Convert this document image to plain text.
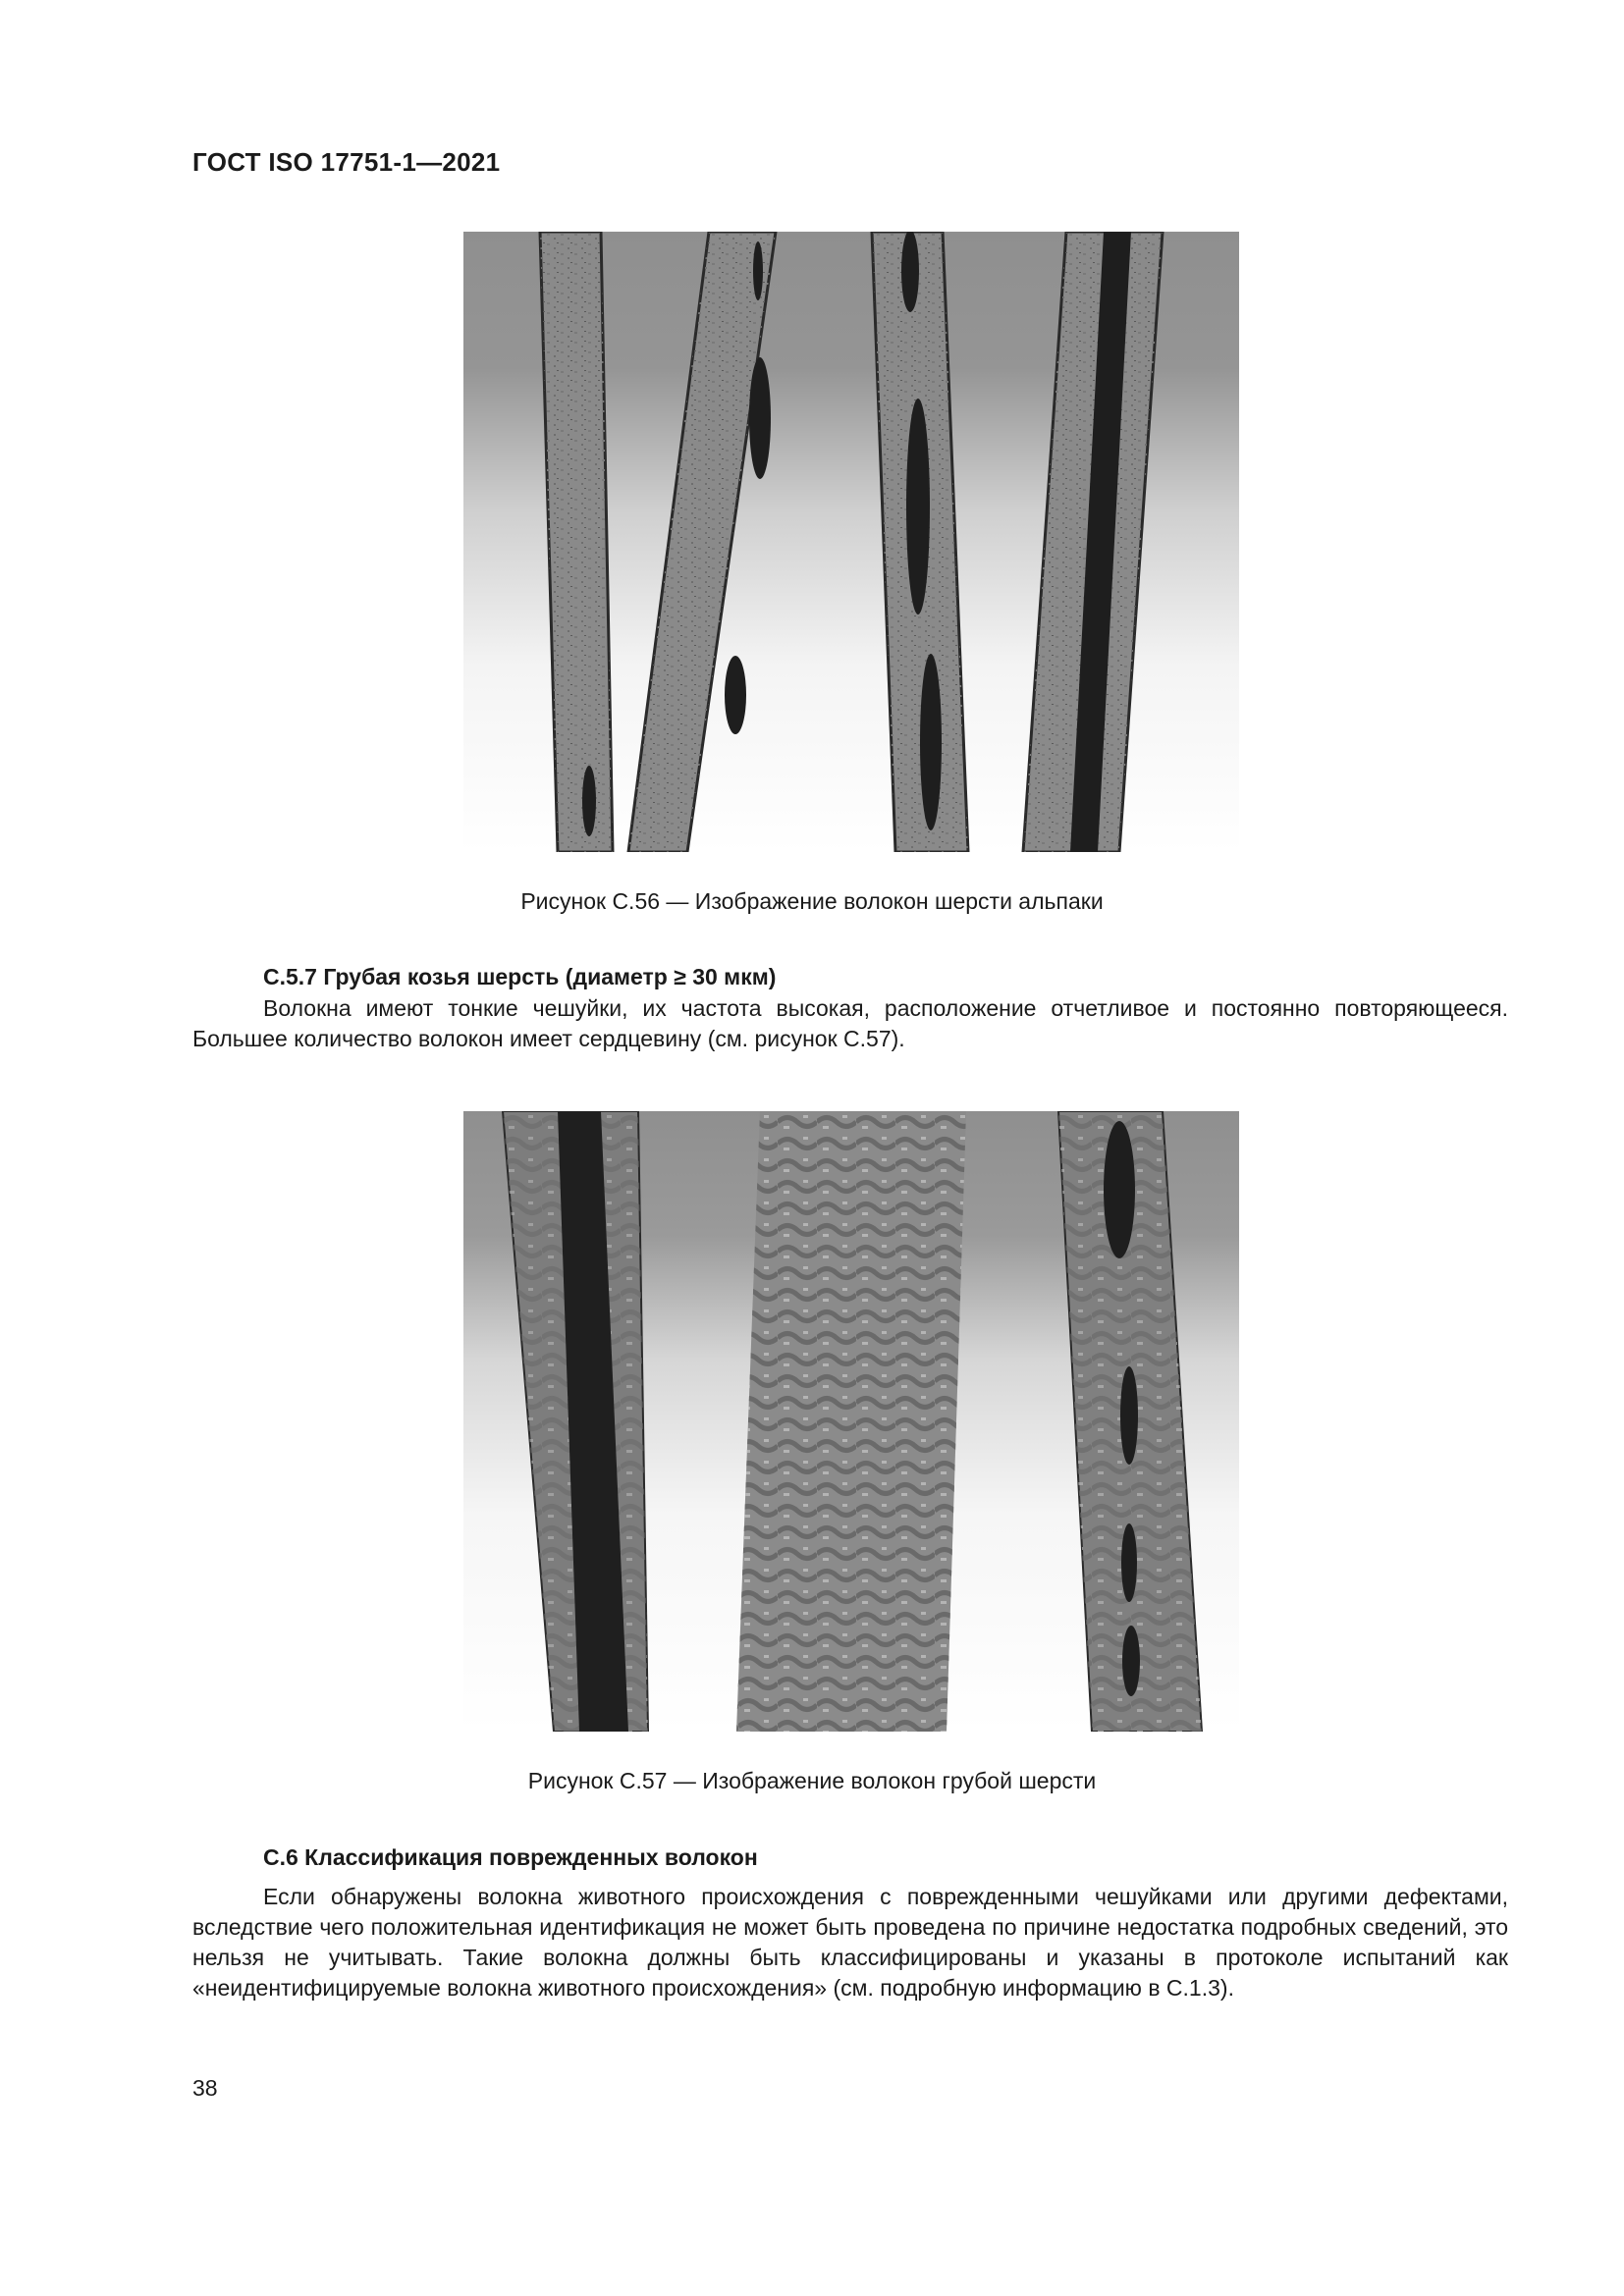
ГОСТ ISO 17751-1—2021
Рисунок С.56 — Изображение волокон шерсти альпаки
С.5.7 Грубая козья шерсть (диаметр ≥ 30 мкм)

Волокна имеют тонкие чешуйки, их частота высокая, расположение отчетливое и постоянно повторяющееся. Большее количество волокон имеет сердцевину (см. рисунок С.57).

Рисунок С.57 — Изображение волокон грубой шерсти
С.6 Классификация поврежденных волокон

Если обнаружены волокна животного происхождения с поврежденными чешуйками или другими дефектами, вследствие чего положительная идентификация не может быть проведена по причине недостатка подробных сведений, это нельзя не учитывать. Такие волокна должны быть классифицированы и указаны в протоколе испытаний как «неидентифицируемые волокна животного происхождения» (см. подробную информацию в С.1.3).

38
